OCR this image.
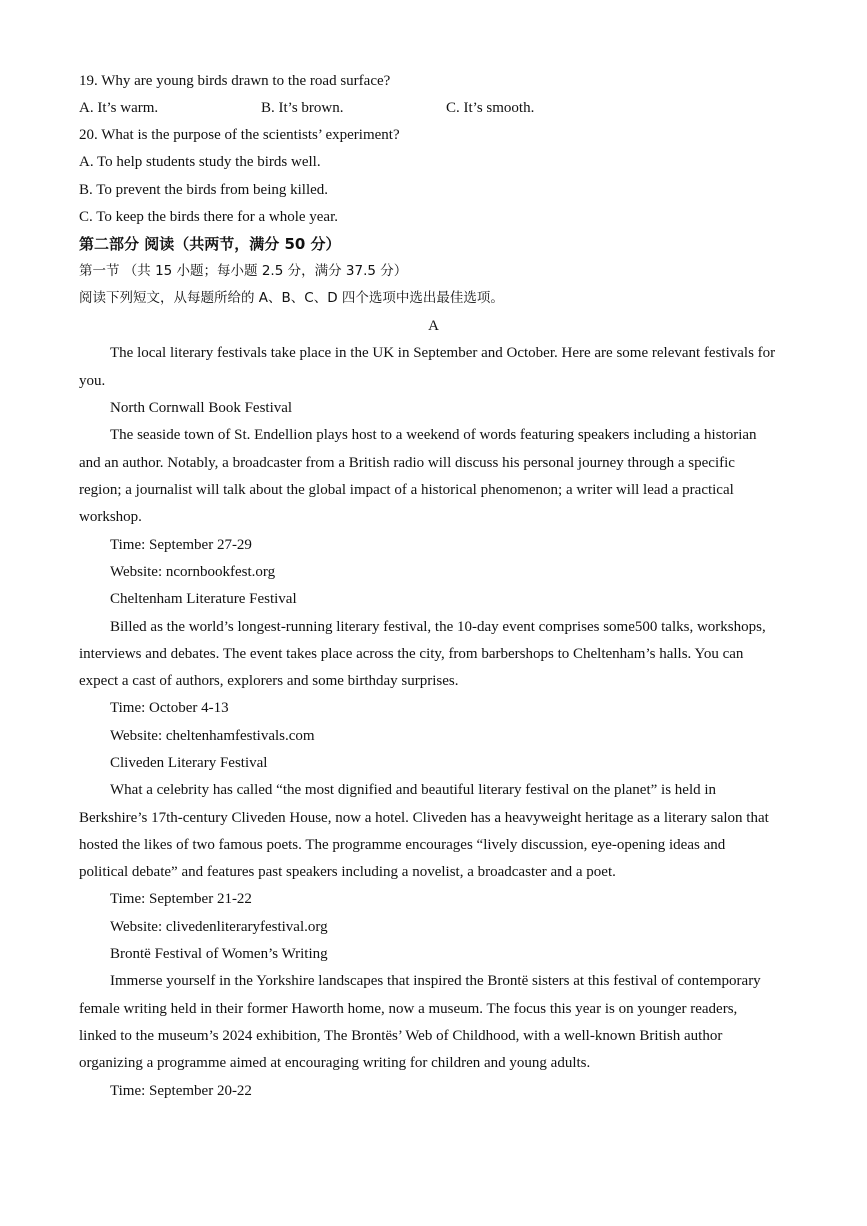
19. Why are young birds drawn to the road surface?
A. It’s warm.	B. It’s brown.	C. It’s smooth.
20. What is the purpose of the scientists’ experiment?
A. To help students study the birds well.
B. To prevent the birds from being killed.
C. To keep the birds there for a whole year.
第二部分 阅读（共两节，满分 50 分）
第一节 （共 15 小题；每小题 2.5 分，满分 37.5 分）
阅读下列短文，从每题所给的 A、B、C、D 四个选项中选出最佳选项。
A
The local literary festivals take place in the UK in September and October. Here are some relevant festivals for
you.
North Cornwall Book Festival
The seaside town of St. Endellion plays host to a weekend of words featuring speakers including a historian
and an author. Notably, a broadcaster from a British radio will discuss his personal journey through a specific
region; a journalist will talk about the global impact of a historical phenomenon; a writer will lead a practical
workshop.
Time: September 27-29
Website: ncornbookfest.org
Cheltenham Literature Festival
Billed as the world’s longest-running literary festival, the 10-day event comprises some500 talks, workshops,
interviews and debates. The event takes place across the city, from barbershops to Cheltenham’s halls. You can
expect a cast of authors, explorers and some birthday surprises.
Time: October 4-13
Website: cheltenhamfestivals.com
Cliveden Literary Festival
What a celebrity has called “the most dignified and beautiful literary festival on the planet” is held in
Berkshire’s 17th-century Cliveden House, now a hotel. Cliveden has a heavyweight heritage as a literary salon that
hosted the likes of two famous poets. The programme encourages “lively discussion, eye-opening ideas and
political debate” and features past speakers including a novelist, a broadcaster and a poet.
Time: September 21-22
Website: clivedenliteraryfestival.org
Brontë Festival of Women’s Writing
Immerse yourself in the Yorkshire landscapes that inspired the Brontë sisters at this festival of contemporary
female writing held in their former Haworth home, now a museum. The focus this year is on younger readers,
linked to the museum’s 2024 exhibition, The Brontës’ Web of Childhood, with a well-known British author
organizing a programme aimed at encouraging writing for children and young adults.
Time: September 20-22
